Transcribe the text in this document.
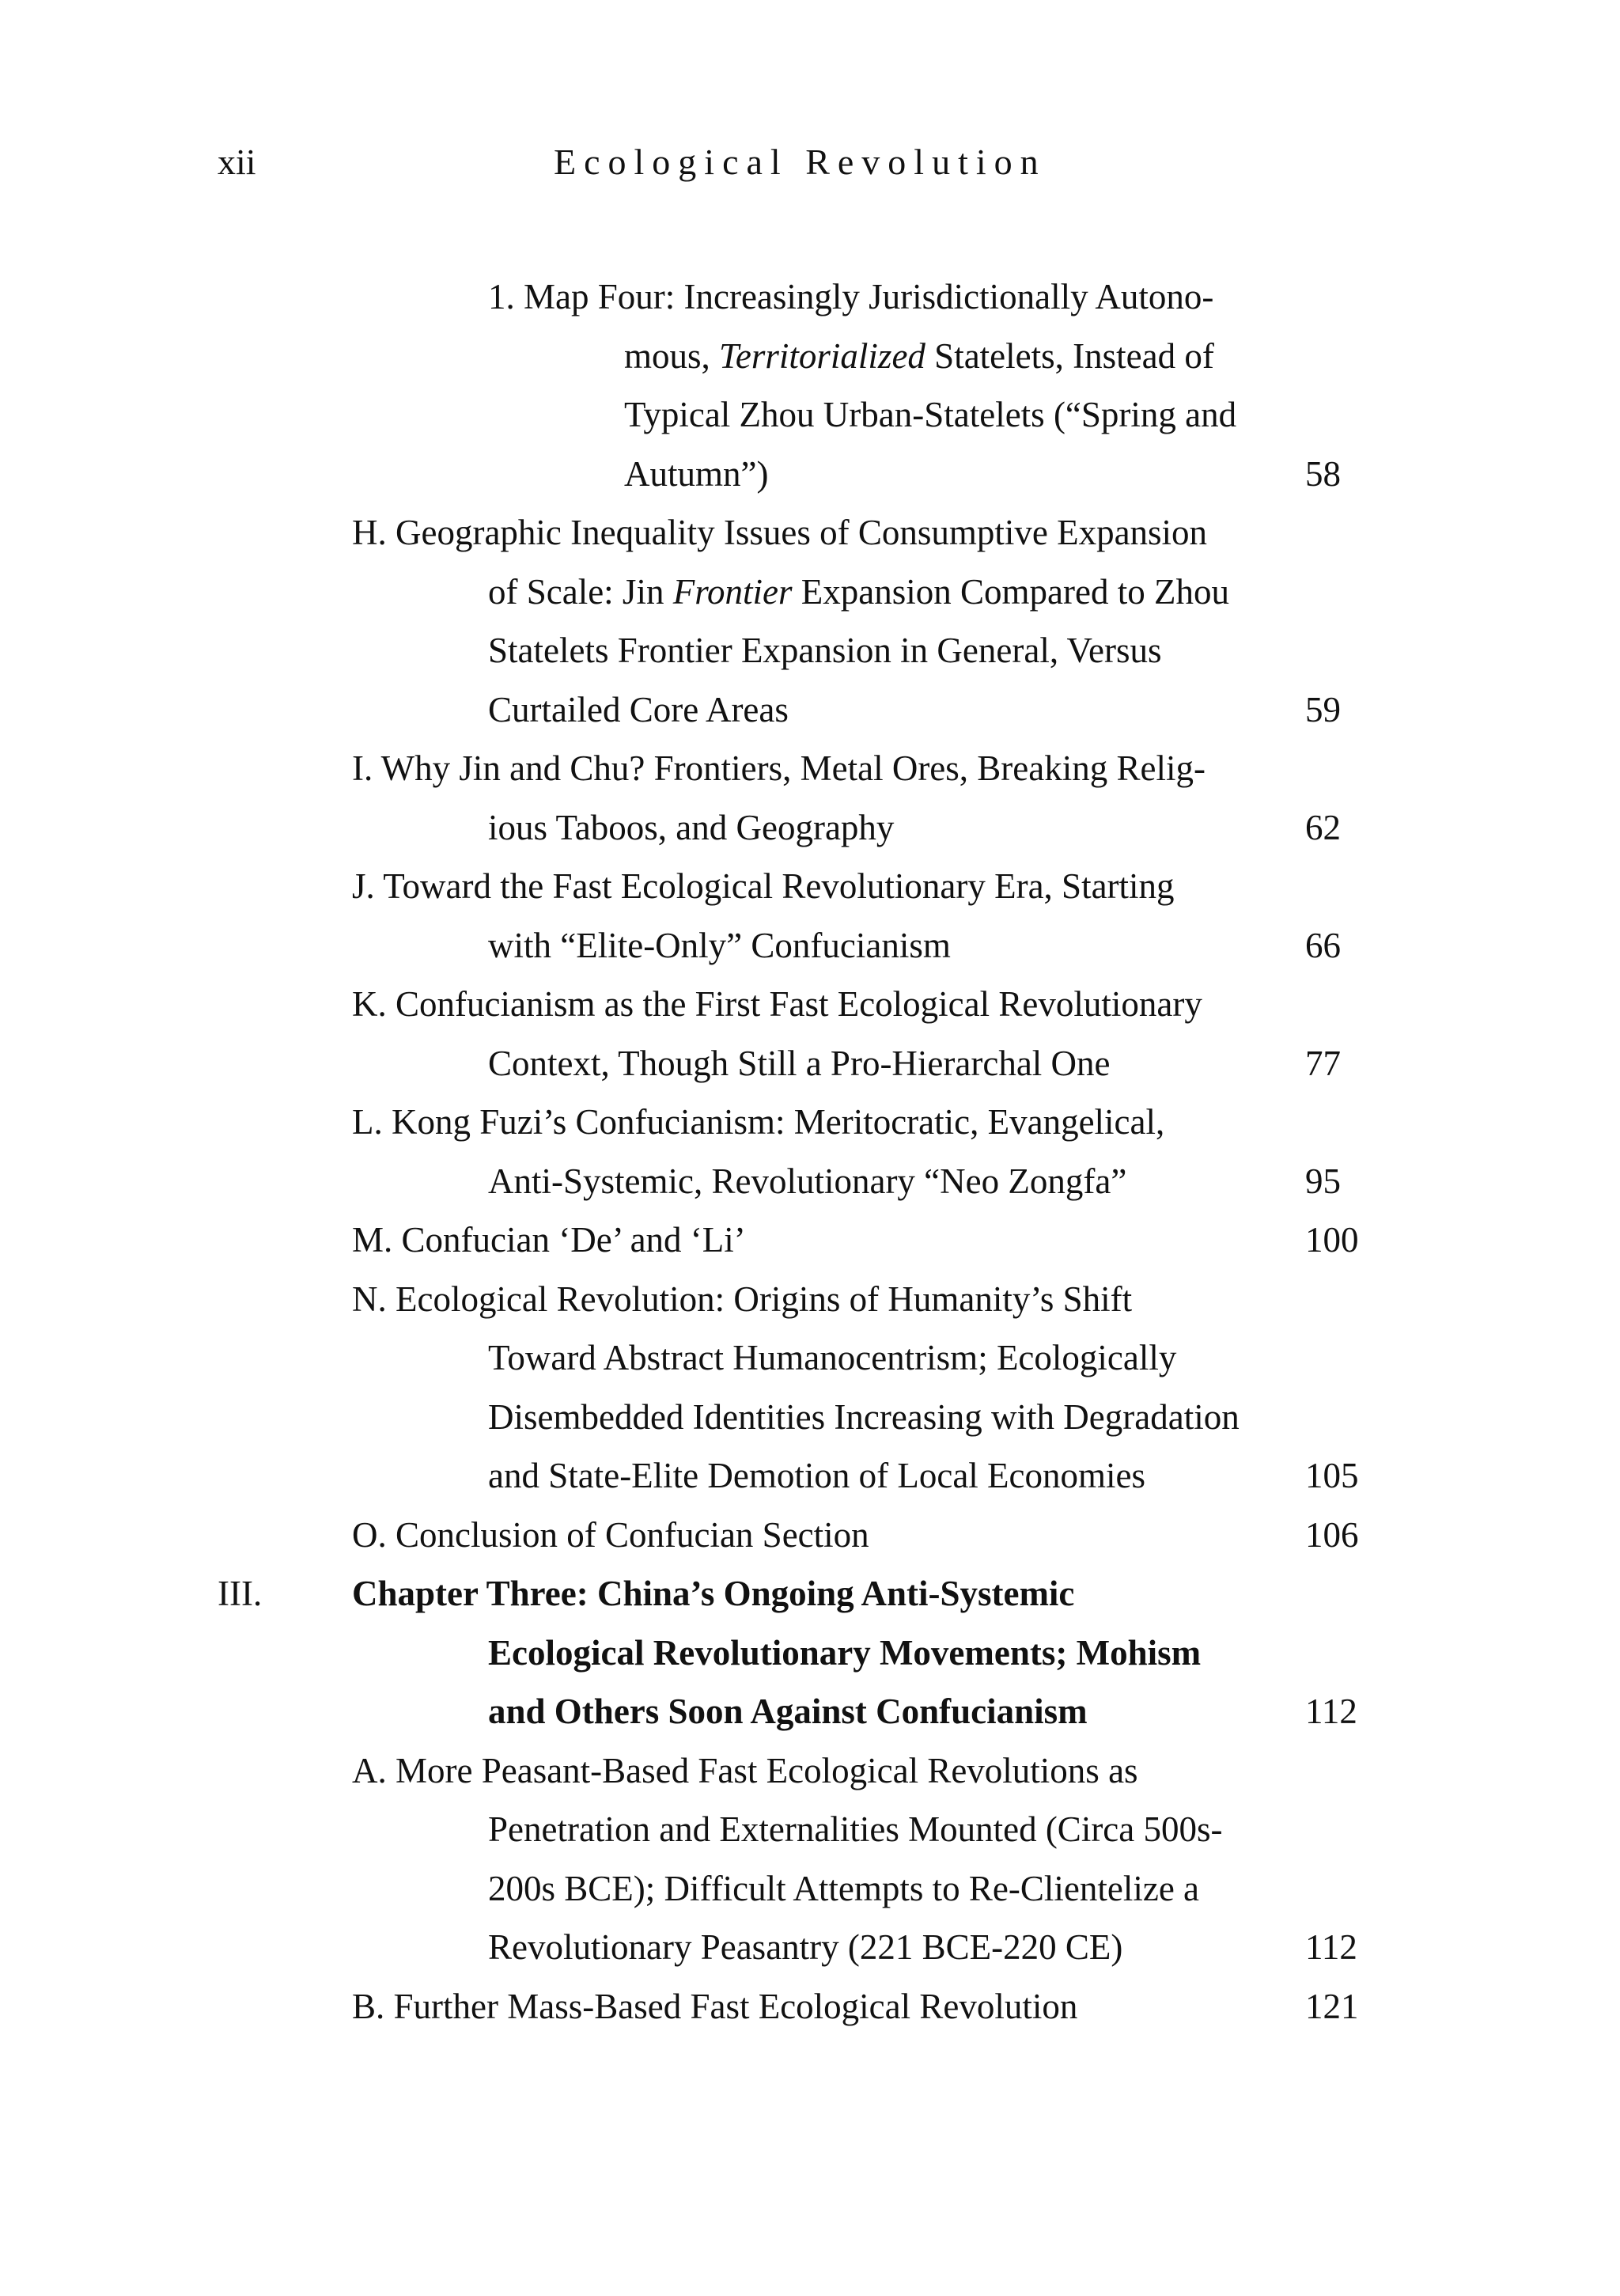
xii	Ecological Revolution
1. Map Four: Increasingly Jurisdictionally Autono-
mous, Territorialized Statelets, Instead of
Typical Zhou Urban-Statelets (“Spring and
Autumn”)	58
H. Geographic Inequality Issues of Consumptive Expansion
of Scale: Jin Frontier Expansion Compared to Zhou
Statelets Frontier Expansion in General, Versus
Curtailed Core Areas	59
I. Why Jin and Chu? Frontiers, Metal Ores, Breaking Relig-
ious Taboos, and Geography	62
J. Toward the Fast Ecological Revolutionary Era, Starting
with “Elite-Only” Confucianism	66
K. Confucianism as the First Fast Ecological Revolutionary
Context, Though Still a Pro-Hierarchal One	77
L. Kong Fuzi’s Confucianism: Meritocratic, Evangelical,
Anti-Systemic, Revolutionary “Neo Zongfa”	95
M. Confucian ‘De’ and ‘Li’	100
N. Ecological Revolution: Origins of Humanity’s Shift
Toward Abstract Humanocentrism; Ecologically
Disembedded Identities Increasing with Degradation
and State-Elite Demotion of Local Economies	105
O. Conclusion of Confucian Section	106
III.	Chapter Three: China’s Ongoing Anti-Systemic
Ecological Revolutionary Movements; Mohism
and Others Soon Against Confucianism	112
A. More Peasant-Based Fast Ecological Revolutions as
Penetration and Externalities Mounted (Circa 500s-
200s BCE); Difficult Attempts to Re-Clientelize a
Revolutionary Peasantry (221 BCE-220 CE)	112
B. Further Mass-Based Fast Ecological Revolution	121
